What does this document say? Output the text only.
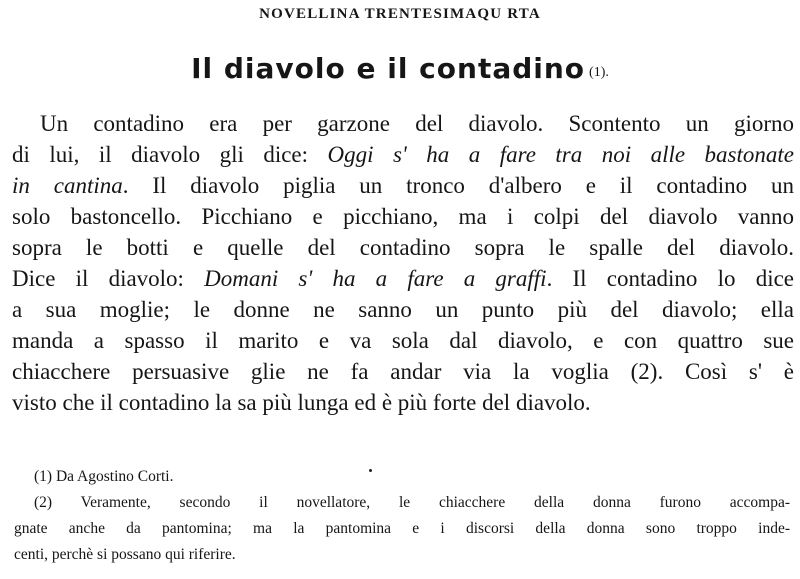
NOVELLINA TRENTESIMAQU RTA
Il diavolo e il contadino (1).
Un contadino era per garzone del diavolo. Scontento un giorno
di lui, il diavolo gli dice: Oggi s' ha a fare tra noi alle bastonate
in cantina. Il diavolo piglia un tronco d'albero e il contadino un
solo bastoncello. Picchiano e picchiano, ma i colpi del diavolo vanno
sopra le botti e quelle del contadino sopra le spalle del diavolo.
Dice il diavolo: Domani s' ha a fare a graffi. Il contadino lo dice
a sua moglie; le donne ne sanno un punto più del diavolo; ella
manda a spasso il marito e va sola dal diavolo, e con quattro sue
chiacchere persuasive glie ne fa andar via la voglia (2). Così s' è
visto che il contadino la sa più lunga ed è più forte del diavolo.
(1) Da Agostino Corti.
(2) Veramente, secondo il novellatore, le chiacchere della donna furono accompa-
gnate anche da pantomina; ma la pantomina e i discorsi della donna sono troppo inde-
centi, perchè si possano qui riferire.
